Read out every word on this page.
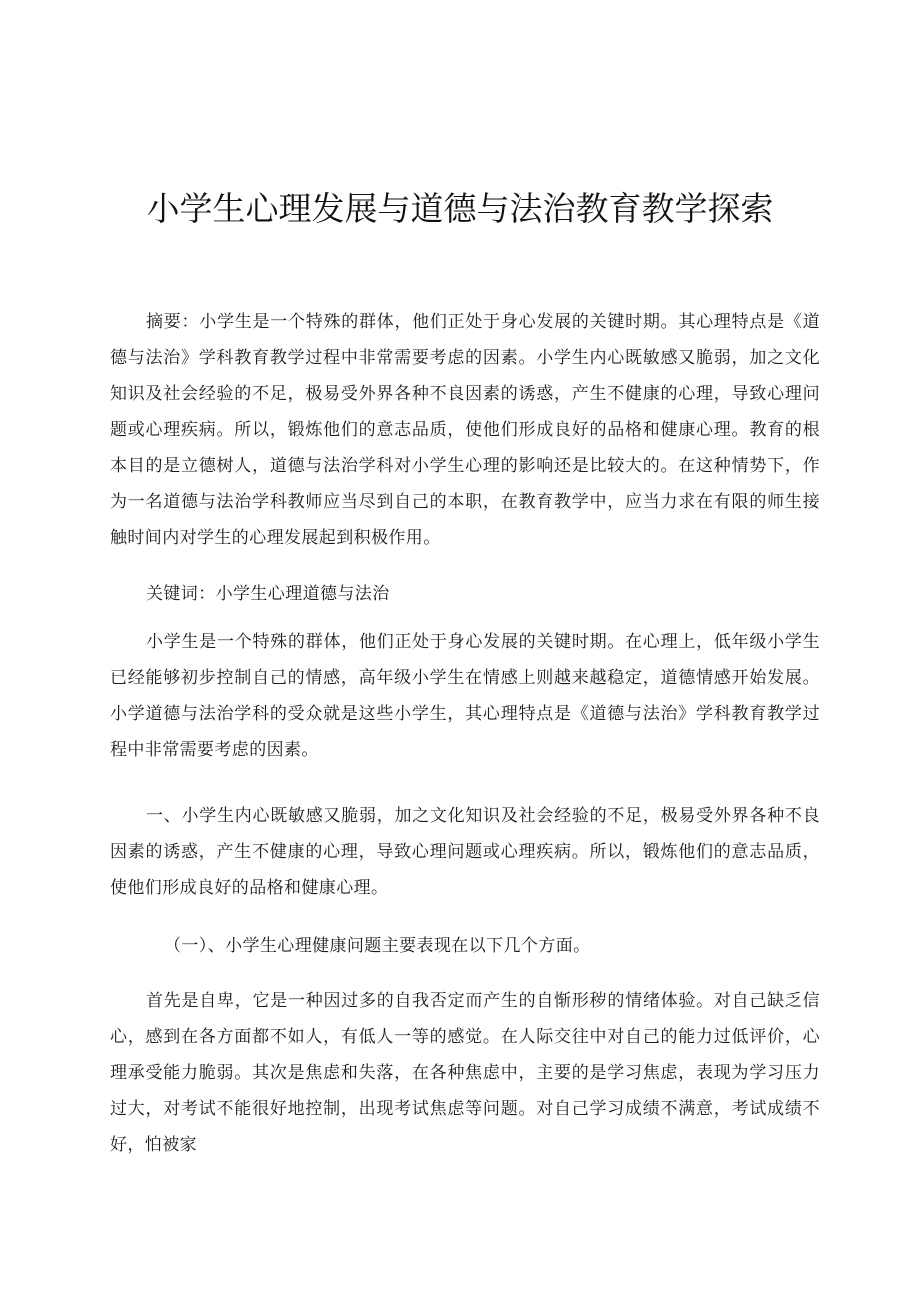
小学生心理发展与道德与法治教育教学探索

摘要：小学生是一个特殊的群体，他们正处于身心发展的关键时期。其心理特点是《道德与法治》学科教育教学过程中非常需要考虑的因素。小学生内心既敏感又脆弱，加之文化知识及社会经验的不足，极易受外界各种不良因素的诱惑，产生不健康的心理，导致心理问题或心理疾病。所以，锻炼他们的意志品质，使他们形成良好的品格和健康心理。教育的根本目的是立德树人，道德与法治学科对小学生心理的影响还是比较大的。在这种情势下，作为一名道德与法治学科教师应当尽到自己的本职，在教育教学中，应当力求在有限的师生接触时间内对学生的心理发展起到积极作用。

关键词：小学生心理道德与法治

小学生是一个特殊的群体，他们正处于身心发展的关键时期。在心理上，低年级小学生已经能够初步控制自己的情感，高年级小学生在情感上则越来越稳定，道德情感开始发展。小学道德与法治学科的受众就是这些小学生，其心理特点是《道德与法治》学科教育教学过程中非常需要考虑的因素。

一、小学生内心既敏感又脆弱，加之文化知识及社会经验的不足，极易受外界各种不良因素的诱惑，产生不健康的心理，导致心理问题或心理疾病。所以，锻炼他们的意志品质，使他们形成良好的品格和健康心理。

（一）、小学生心理健康问题主要表现在以下几个方面。

首先是自卑，它是一种因过多的自我否定而产生的自惭形秽的情绪体验。对自己缺乏信心，感到在各方面都不如人，有低人一等的感觉。在人际交往中对自己的能力过低评价，心理承受能力脆弱。其次是焦虑和失落，在各种焦虑中，主要的是学习焦虑，表现为学习压力过大，对考试不能很好地控制，出现考试焦虑等问题。对自己学习成绩不满意，考试成绩不好，怕被家
